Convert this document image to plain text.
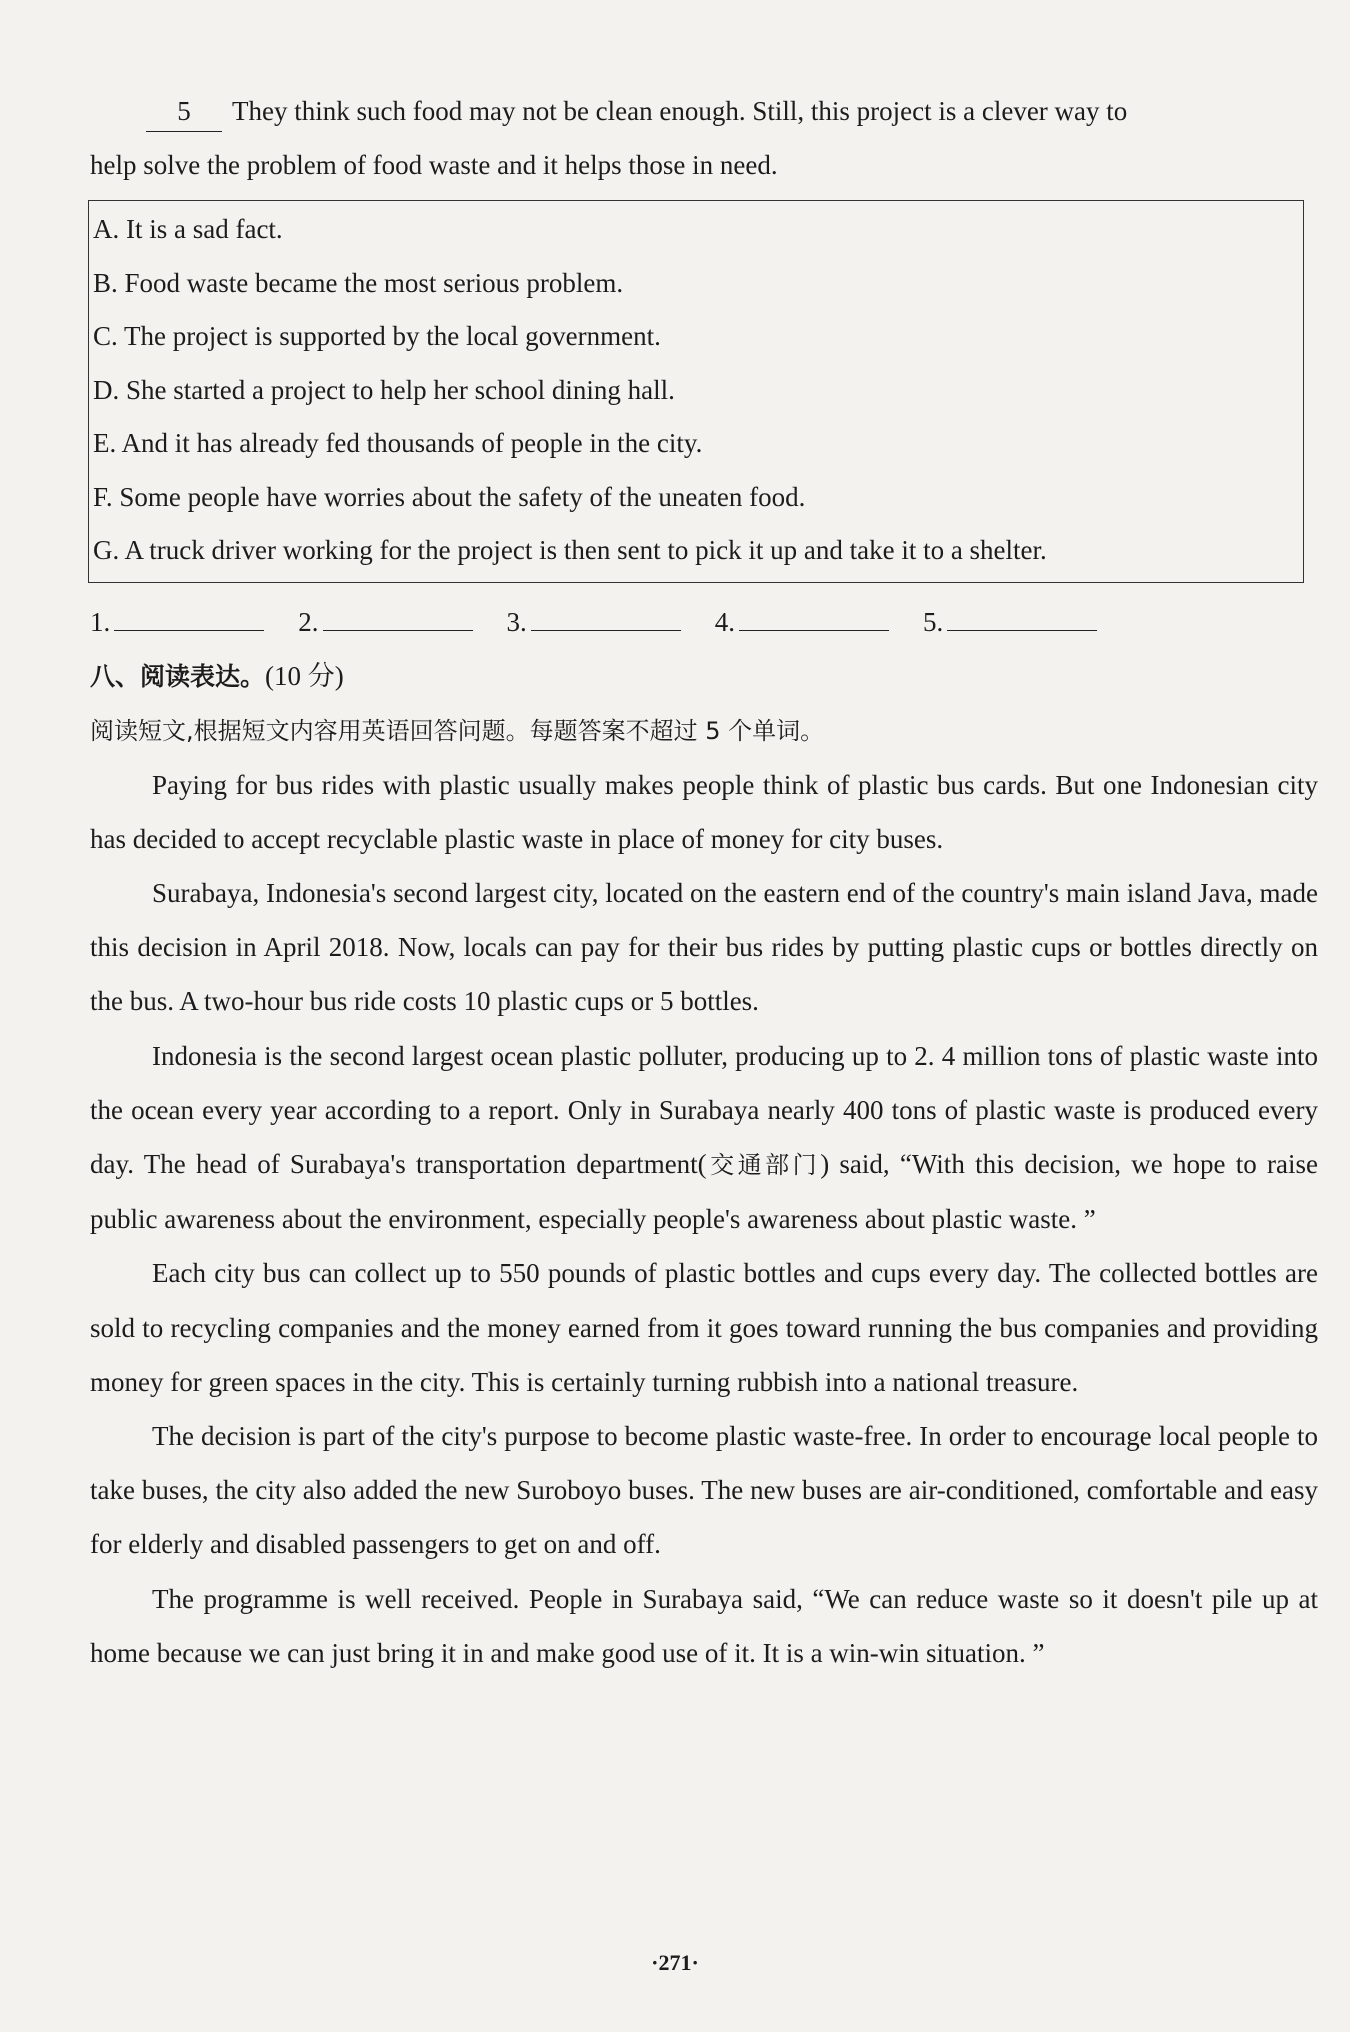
5 They think such food may not be clean enough. Still, this project is a clever way to

help solve the problem of food waste and it helps those in need.

A. It is a sad fact.
B. Food waste became the most serious problem.
C. The project is supported by the local government.
D. She started a project to help her school dining hall.
E. And it has already fed thousands of people in the city.
F. Some people have worries about the safety of the uneaten food.
G. A truck driver working for the project is then sent to pick it up and take it to a shelter.
1.	2.	3.	4.	5.
八、阅读表达。(10 分)
阅读短文,根据短文内容用英语回答问题。每题答案不超过 5 个单词。

Paying for bus rides with plastic usually makes people think of plastic bus cards. But one Indonesian city has decided to accept recyclable plastic waste in place of money for city buses.

Surabaya, Indonesia's second largest city, located on the eastern end of the country's main island Java, made this decision in April 2018. Now, locals can pay for their bus rides by putting plastic cups or bottles directly on the bus. A two-hour bus ride costs 10 plastic cups or 5 bottles.

Indonesia is the second largest ocean plastic polluter, producing up to 2. 4 million tons of plastic waste into the ocean every year according to a report. Only in Surabaya nearly 400 tons of plastic waste is produced every day. The head of Surabaya's transportation department(交通部门) said, “With this decision, we hope to raise public awareness about the environment, especially people's awareness about plastic waste. ”

Each city bus can collect up to 550 pounds of plastic bottles and cups every day. The collected bottles are sold to recycling companies and the money earned from it goes toward running the bus companies and providing money for green spaces in the city. This is certainly turning rubbish into a national treasure.

The decision is part of the city's purpose to become plastic waste-free. In order to encourage local people to take buses, the city also added the new Suroboyo buses. The new buses are air-conditioned, comfortable and easy for elderly and disabled passengers to get on and off.

The programme is well received. People in Surabaya said, “We can reduce waste so it doesn't pile up at home because we can just bring it in and make good use of it. It is a win-win situation. ”

·271·
